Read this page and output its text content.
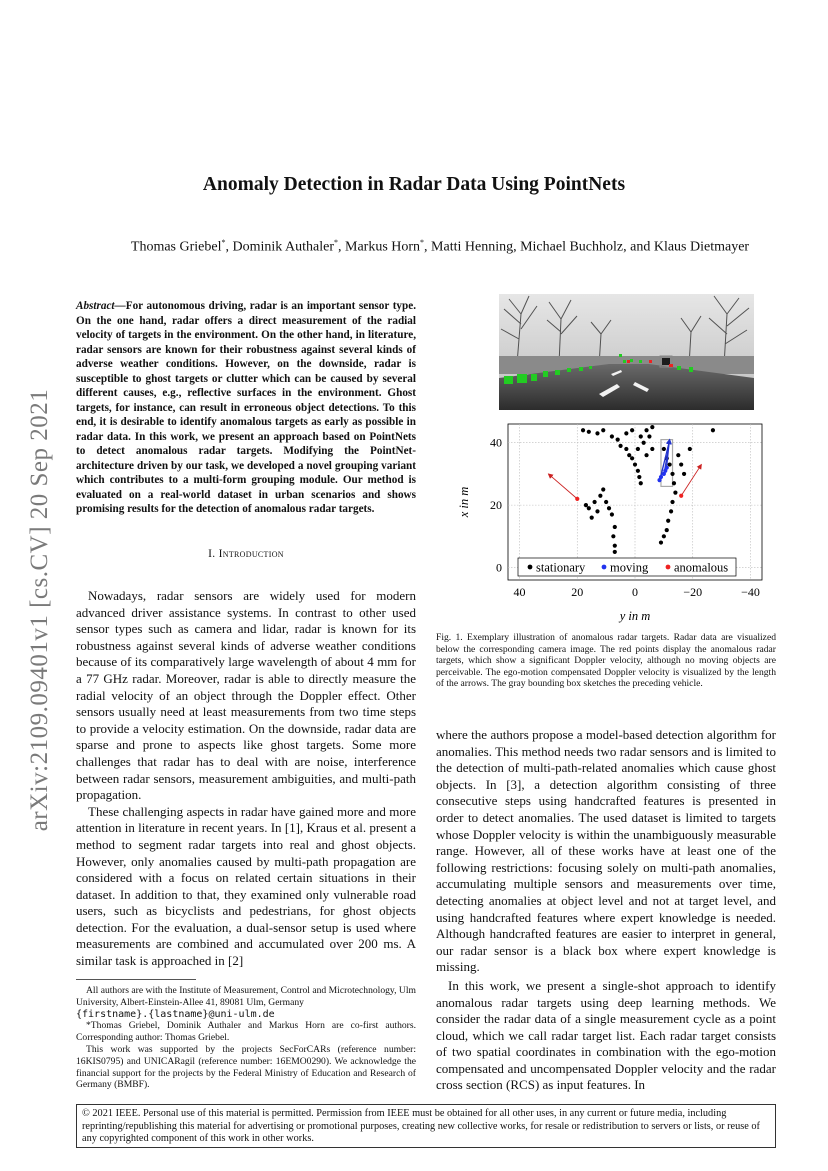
arXiv:2109.09401v1 [cs.CV] 20 Sep 2021
Anomaly Detection in Radar Data Using PointNets
Thomas Griebel*, Dominik Authaler*, Markus Horn*, Matti Henning, Michael Buchholz, and Klaus Dietmayer
Abstract—For autonomous driving, radar is an important sensor type. On the one hand, radar offers a direct measurement of the radial velocity of targets in the environment. On the other hand, in literature, radar sensors are known for their robustness against several kinds of adverse weather conditions. However, on the downside, radar is susceptible to ghost targets or clutter which can be caused by several different causes, e.g., reflective surfaces in the environment. Ghost targets, for instance, can result in erroneous object detections. To this end, it is desirable to identify anomalous targets as early as possible in radar data. In this work, we present an approach based on PointNets to detect anomalous radar targets. Modifying the PointNet-architecture driven by our task, we developed a novel grouping variant which contributes to a multi-form grouping module. Our method is evaluated on a real-world dataset in urban scenarios and shows promising results for the detection of anomalous radar targets.
I. Introduction

Nowadays, radar sensors are widely used for modern advanced driver assistance systems. In contrast to other used sensor types such as camera and lidar, radar is known for its robustness against several kinds of adverse weather conditions because of its comparatively large wavelength of about 4 mm for a 77 GHz radar. Moreover, radar is able to directly measure the radial velocity of an object through the Doppler effect. Other sensors usually need at least measurements from two time steps to provide a velocity estimation. On the downside, radar data are sparse and prone to aspects like ghost targets. Some more challenges that radar has to deal with are noise, interference between radar sensors, measurement ambiguities, and multi-path propagation.

These challenging aspects in radar have gained more and more attention in literature in recent years. In [1], Kraus et al. present a method to segment radar targets into real and ghost objects. However, only anomalies caused by multi-path propagation are considered with a focus on related certain situations in their dataset. In addition to that, they examined only vulnerable road users, such as bicyclists and pedestrians, for ghost objects detection. For the evaluation, a dual-sensor setup is used where measurements are combined and accumulated over 200 ms. A similar task is approached in [2]

All authors are with the Institute of Measurement, Control and Microtechnology, Ulm University, Albert-Einstein-Allee 41, 89081 Ulm, Germany
{firstname}.{lastname}@uni-ulm.de

*Thomas Griebel, Dominik Authaler and Markus Horn are co-first authors. Corresponding author: Thomas Griebel.

This work was supported by the projects SecForCARs (reference number: 16KIS0795) and UNICARagil (reference number: 16EMO0290). We acknowledge the financial support for the projects by the Federal Ministry of Education and Research of Germany (BMBF).

40	20	0	−20	−40
0
20
40
y in m
x in m
stationary moving anomalous
Fig. 1. Exemplary illustration of anomalous radar targets. Radar data are visualized below the corresponding camera image. The red points display the anomalous radar targets, which show a significant Doppler velocity, although no moving objects are perceivable. The ego-motion compensated Doppler velocity is visualized by the length of the arrows. The gray bounding box sketches the preceding vehicle.

where the authors propose a model-based detection algorithm for anomalies. This method needs two radar sensors and is limited to the detection of multi-path-related anomalies which cause ghost objects. In [3], a detection algorithm consisting of three consecutive steps using handcrafted features is presented in order to detect anomalies. The used dataset is limited to targets whose Doppler velocity is within the unambiguously measurable range. However, all of these works have at least one of the following restrictions: focusing solely on multi-path anomalies, accumulating multiple sensors and measurements over time, detecting anomalies at object level and not at target level, and using handcrafted features where expert knowledge is needed. Although handcrafted features are easier to interpret in general, our radar sensor is a black box where expert knowledge is missing.

In this work, we present a single-shot approach to identify anomalous radar targets using deep learning methods. We consider the radar data of a single measurement cycle as a point cloud, which we call radar target list. Each radar target consists of two spatial coordinates in combination with the ego-motion compensated and uncompensated Doppler velocity and the radar cross section (RCS) as input features. In

© 2021 IEEE. Personal use of this material is permitted. Permission from IEEE must be obtained for all other uses, in any current or future media, including reprinting/republishing this material for advertising or promotional purposes, creating new collective works, for resale or redistribution to servers or lists, or reuse of any copyrighted component of this work in other works.
